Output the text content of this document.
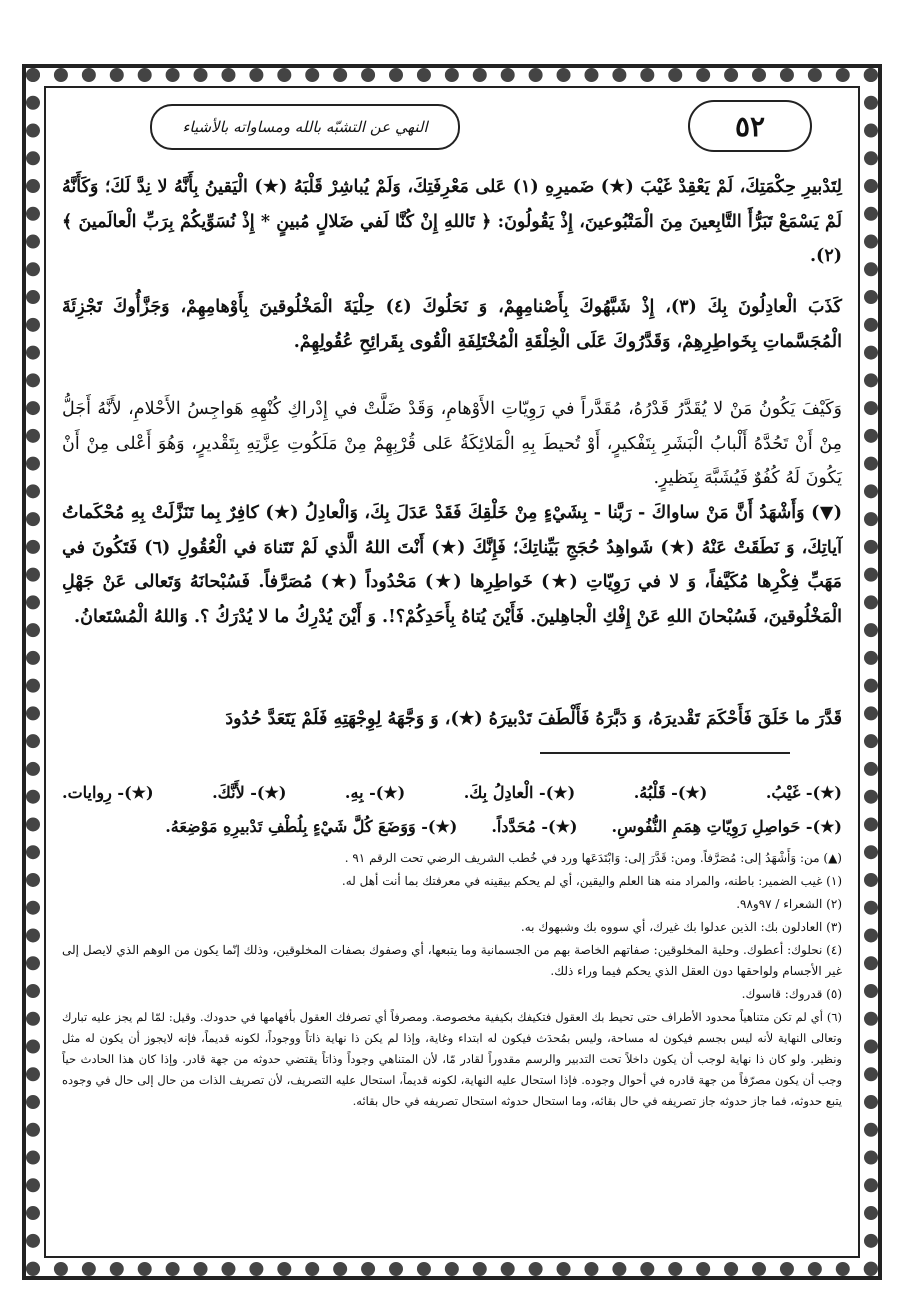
النهي عن التشبّه بالله ومساواته بالأشياء	٥٢

لِتَدْبيرِ حِكْمَتِكَ، لَمْ يَعْقِدْ غَيْبَ (★) ضَميرِهِ (١) عَلى مَعْرِفَتِكَ، وَلَمْ يُباشِرْ قَلْبَهُ (★) الْيَقينُ بِأَنَّهُ لا نِدَّ لَكَ؛ وَكَأَنَّهُ لَمْ يَسْمَعْ تَبَرُّأَ التَّابِعينَ مِنَ الْمَتْبُوعينَ، إِذْ يَقُولُونَ: ﴿ تَاللهِ إِنْ كُنَّا لَفي ضَلالٍ مُبينٍ * إِذْ نُسَوِّيكُمْ بِرَبِّ الْعالَمينَ ﴾(٢).

كَذَبَ الْعادِلُونَ بِكَ (٣)، إِذْ شَبَّهُوكَ بِأَصْنامِهِمْ، وَ نَحَلُوكَ (٤) حِلْيَةَ الْمَخْلُوقينَ بِأَوْهامِهِمْ، وَجَزَّأُوكَ تَجْزِئَةَ الْمُجَسَّماتِ بِخَواطِرِهِمْ، وَقَدَّرُوكَ عَلَى الْخِلْقَةِ الْمُخْتَلِفَةِ الْقُوى بِقَرائِحِ عُقُولِهِمْ.

وَكَيْفَ يَكُونُ مَنْ لا يُقَدَّرُ قَدْرُهُ، مُقَدَّراً في رَوِيّاتِ الأَوْهامِ، وَقَدْ ضَلَّتْ في إِدْراكِ كُنْهِهِ هَواجِسُ الأَحْلامِ، لأَنَّهُ أَجَلُّ مِنْ أَنْ تَحُدَّهُ أَلْبابُ الْبَشَرِ بِتَفْكيرٍ، أَوْ تُحيطَ بِهِ الْمَلائِكَةُ عَلى قُرْبِهِمْ مِنْ مَلَكُوتِ عِزَّتِهِ بِتَقْديرٍ، وَهُوَ أَعْلى مِنْ أَنْ يَكُونَ لَهُ كُفُوٌ فَيُشَبَّهَ بِنَظيرٍ.

(▼) وَأَشْهَدُ أَنَّ مَنْ ساواكَ - رَبَّنا - بِشَيْءٍ مِنْ خَلْقِكَ فَقَدْ عَدَلَ بِكَ، وَالْعادِلُ (★) كافِرٌ بِما تَنَزَّلَتْ بِهِ مُحْكَماتُ آياتِكَ، وَ نَطَقَتْ عَنْهُ (★) شَواهِدُ حُجَجِ بَيِّناتِكَ؛ فَإِنَّكَ (★) أَنْتَ اللهُ الَّذي لَمْ تَتَناهَ في الْعُقُولِ (٦) فَتَكُونَ في مَهَبِّ فِكْرِها مُكَيَّفاً، وَ لا في رَوِيّاتِ (★) خَواطِرِها (★) مَحْدُوداً (★) مُصَرَّفاً. فَسُبْحانَهُ وَتَعالى عَنْ جَهْلِ الْمَخْلُوقينَ، فَسُبْحانَ اللهِ عَنْ إِفْكِ الْجاهِلينَ. فَأَيْنَ يُتاهُ بِأَحَدِكُمْ؟!. وَ أَيْنَ يُدْرِكُ ما لا يُدْرَكُ ؟. وَاللهُ الْمُسْتَعانُ.

قَدَّرَ ما خَلَقَ فَأَحْكَمَ تَقْديرَهُ، وَ دَبَّرَهُ فَأَلْطَفَ تَدْبيرَهُ (★)، وَ وَجَّهَهُ لِوِجْهَتِهِ فَلَمْ يَتَعَدَّ حُدُودَ

(★)- غَيْبُ.
(★)- قَلْبُهُ.
(★)- الْعادِلُ بِكَ.
(★)- بِهِ.
(★)- لأَنَّكَ.
(★)- رِوايات.
(★)- حَواصِلِ رَوِيّاتِ هِمَمِ النُّفُوسِ.
(★)- مُحَدَّداً.
(★)- وَوَضَعَ كُلَّ شَيْءٍ بِلُطْفِ تَدْبيرِهِ مَوْضِعَهُ.

(▲) من: وَأَشْهَدُ إلى: مُصَرَّفاً. ومن: قَدَّرَ إلى: وَابْتَدَعَها ورد في خُطب الشريف الرضي تحت الرقم ٩١ .

(١) غيب الضمير: باطنه، والمراد منه هنا العلم واليقين، أي لم يحكم بيقينه في معرفتك بما أنت أهل له.

(٢) الشعراء / ٩٧و٩٨.

(٣) العادلون بك: الذين عدلوا بك غيرك، أي سووه بك وشبهوك به.

(٤) نحلوك: أعطوك. وحلية المخلوقين: صفاتهم الخاصة بهم من الجسمانية وما يتبعها، أي وصفوك بصفات المخلوقين، وذلك إنّما يكون من الوهم الذي لايصل إلى غير الأجسام ولواحقها دون العقل الذي يحكم فيما وراء ذلك.

(٥) قدروك: قاسوك.

(٦) أي لم تكن متناهياً محدود الأطراف حتى تحيط بك العقول فتكيفك بكيفية مخصوصة. ومصرفاً أي تصرفك العقول بأفهامها في حدودك. وقيل: لمّا لم يجز عليه تبارك وتعالى النهاية لأنه ليس بجسم فيكون له مساحة، وليس بمُحدَث فيكون له ابتداء وغاية، وإذا لم يكن ذا نهاية ذاتاً ووجوداً، لكونه قديماً، فإنه لايجوز أن يكون له مثل ونظير. ولو كان ذا نهاية لوجب أن يكون داخلاً تحت التدبير والرسم مقدوراً لقادر مّا، لأن المتناهي وجوداً وذاتاً يقتضي حدوثه من جهة قادر. وإذا كان هذا الحادث حياً وجب أن يكون مصرّفاً من جهة قادره في أحوال وجوده. فإذا استحال عليه النهاية، لكونه قديماً، استحال عليه التصريف، لأن تصريف الذات من حال إلى حال في وجوده يتبع حدوثه، فما جاز حدوثه جاز تصريفه في حال بقائه، وما استحال حدوثه استحال تصريفه في حال بقائه.
